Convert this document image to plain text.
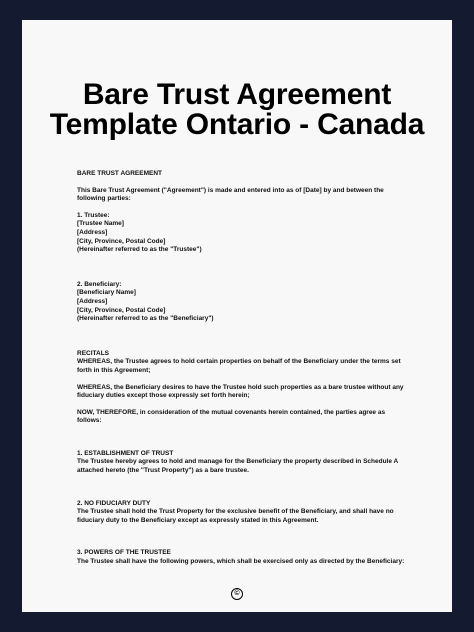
Bare Trust Agreement
Template Ontario - Canada

BARE TRUST AGREEMENT

This Bare Trust Agreement ("Agreement") is made and entered into as of [Date] by and between the following parties:

1. Trustee:

[Trustee Name]

[Address]

[City, Province, Postal Code]

(Hereinafter referred to as the "Trustee")

2. Beneficiary:

[Beneficiary Name]

[Address]

[City, Province, Postal Code]

(Hereinafter referred to as the "Beneficiary")

RECITALS

WHEREAS, the Trustee agrees to hold certain properties on behalf of the Beneficiary under the terms set forth in this Agreement;

WHEREAS, the Beneficiary desires to have the Trustee hold such properties as a bare trustee without any fiduciary duties except those expressly set forth herein;

NOW, THEREFORE, in consideration of the mutual covenants herein contained, the parties agree as follows:

1. ESTABLISHMENT OF TRUST

The Trustee hereby agrees to hold and manage for the Beneficiary the property described in Schedule A attached hereto (the "Trust Property") as a bare trustee.

2. NO FIDUCIARY DUTY

The Trustee shall hold the Trust Property for the exclusive benefit of the Beneficiary, and shall have no fiduciary duty to the Beneficiary except as expressly stated in this Agreement.

3. POWERS OF THE TRUSTEE

The Trustee shall have the following powers, which shall be exercised only as directed by the Beneficiary:

©
